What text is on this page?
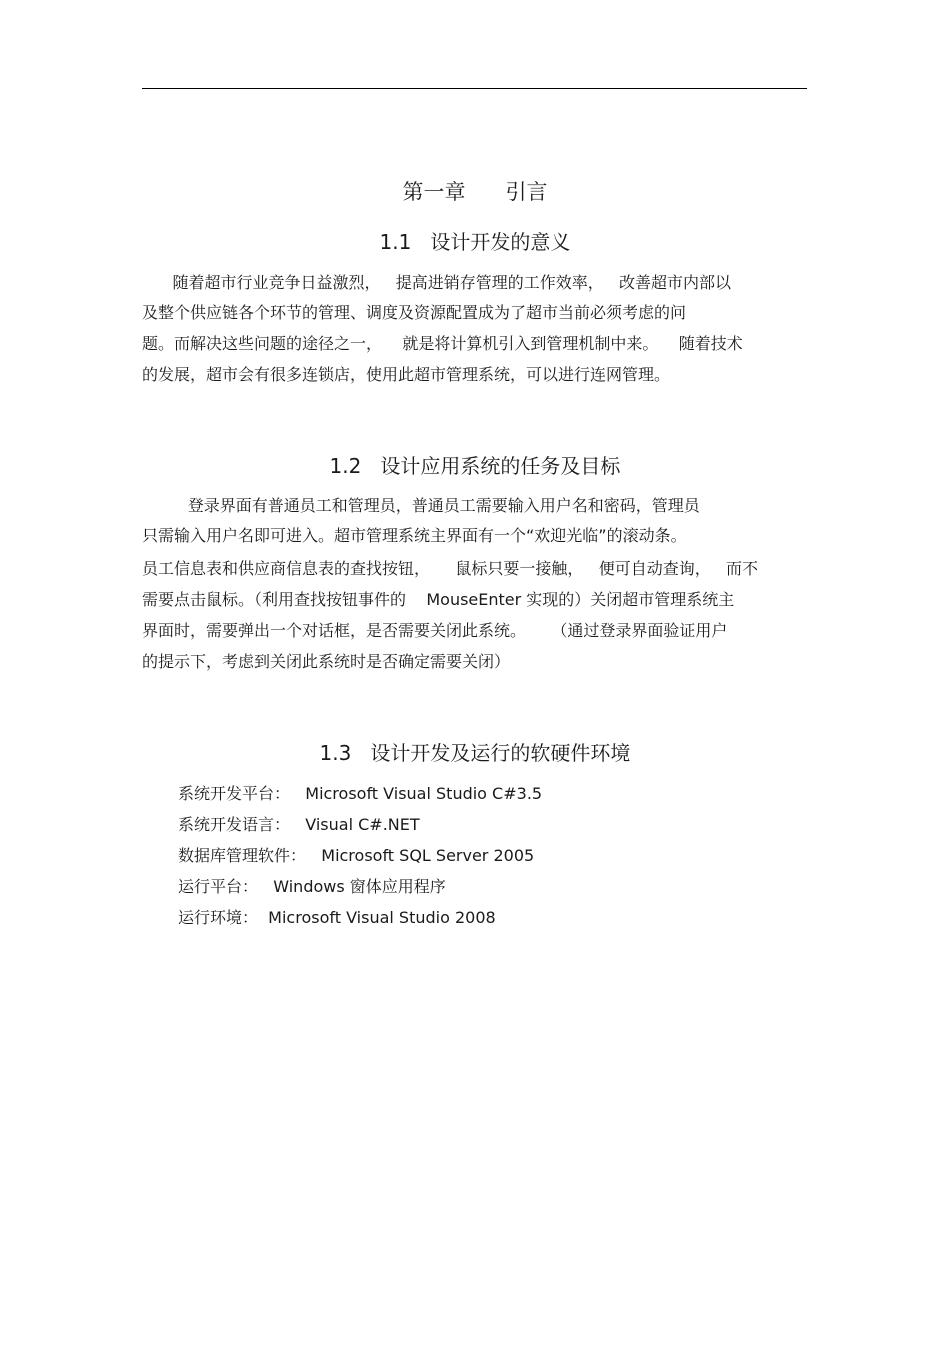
第一章      引言
1.1   设计开发的意义
随着超市行业竞争日益激烈，   提高进销存管理的工作效率，   改善超市内部以
及整个供应链各个环节的管理、调度及资源配置成为了超市当前必须考虑的问
题。而解决这些问题的途径之一，    就是将计算机引入到管理机制中来。    随着技术
的发展，超市会有很多连锁店，使用此超市管理系统，可以进行连网管理。
1.2   设计应用系统的任务及目标
登录界面有普通员工和管理员，普通员工需要输入用户名和密码，管理员
只需输入用户名即可进入。超市管理系统主界面有一个“欢迎光临”的滚动条。
员工信息表和供应商信息表的查找按钮，     鼠标只要一接触，   便可自动查询，   而不
需要点击鼠标。（利用查找按钮事件的    MouseEnter 实现的）关闭超市管理系统主
界面时，需要弹出一个对话框，是否需要关闭此系统。     （通过登录界面验证用户
的提示下，考虑到关闭此系统时是否确定需要关闭）
1.3   设计开发及运行的软硬件环境
系统开发平台：   Microsoft Visual Studio C#3.5
系统开发语言：   Visual C#.NET
数据库管理软件：   Microsoft SQL Server 2005
运行平台：   Windows 窗体应用程序
运行环境：  Microsoft Visual Studio 2008
